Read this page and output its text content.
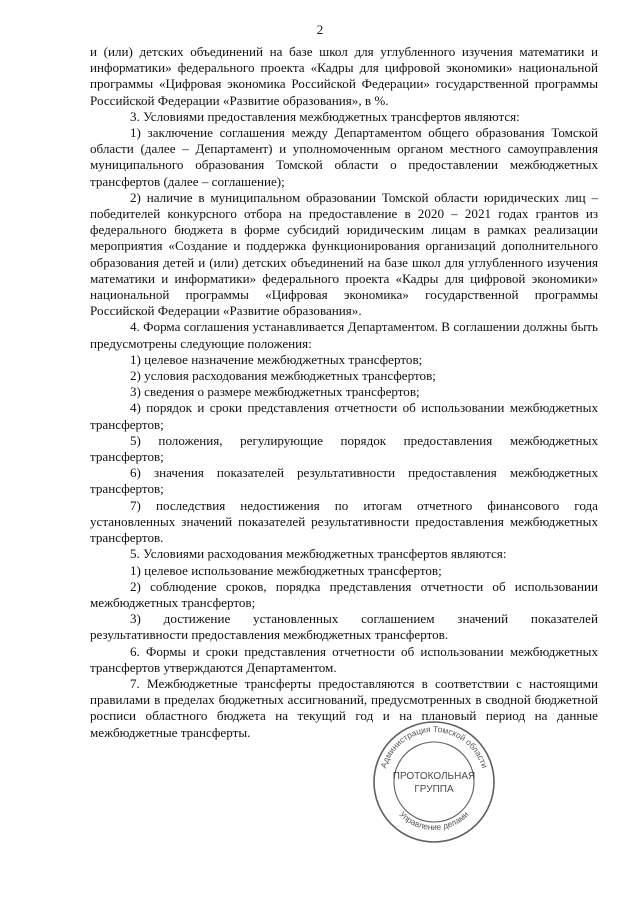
2

и (или) детских объединений на базе школ для углубленного изучения математики и информатики» федерального проекта «Кадры для цифровой экономики» национальной программы «Цифровая экономика Российской Федерации» государственной программы Российской Федерации «Развитие образования», в %.

3. Условиями предоставления межбюджетных трансфертов являются:

1) заключение соглашения между Департаментом общего образования Томской области (далее – Департамент) и уполномоченным органом местного самоуправления муниципального образования Томской области о предоставлении межбюджетных трансфертов (далее – соглашение);

2) наличие в муниципальном образовании Томской области юридических лиц – победителей конкурсного отбора на предоставление в 2020 – 2021 годах грантов из федерального бюджета в форме субсидий юридическим лицам в рамках реализации мероприятия «Создание и поддержка функционирования организаций дополнительного образования детей и (или) детских объединений на базе школ для углубленного изучения математики и информатики» федерального проекта «Кадры для цифровой экономики» национальной программы «Цифровая экономика» государственной программы Российской Федерации «Развитие образования».

4. Форма соглашения устанавливается Департаментом. В соглашении должны быть предусмотрены следующие положения:

1) целевое назначение межбюджетных трансфертов;

2) условия расходования межбюджетных трансфертов;

3) сведения о размере межбюджетных трансфертов;

4) порядок и сроки представления отчетности об использовании межбюджетных трансфертов;

5) положения, регулирующие порядок предоставления межбюджетных трансфертов;

6) значения показателей результативности предоставления межбюджетных трансфертов;

7) последствия недостижения по итогам отчетного финансового года установленных значений показателей результативности предоставления межбюджетных трансфертов.

5. Условиями расходования межбюджетных трансфертов являются:

1) целевое использование межбюджетных трансфертов;

2) соблюдение сроков, порядка представления отчетности об использовании межбюджетных трансфертов;

3) достижение установленных соглашением значений показателей результативности предоставления межбюджетных трансфертов.

6. Формы и сроки представления отчетности об использовании межбюджетных трансфертов утверждаются Департаментом.

7. Межбюджетные трансферты предоставляются в соответствии с настоящими правилами в пределах бюджетных ассигнований, предусмотренных в сводной бюджетной росписи областного бюджета на текущий год и на плановый период на данные межбюджетные трансферты.

Администрация Томской области
Управление делами
ПРОТОКОЛЬНАЯ
ГРУППА
